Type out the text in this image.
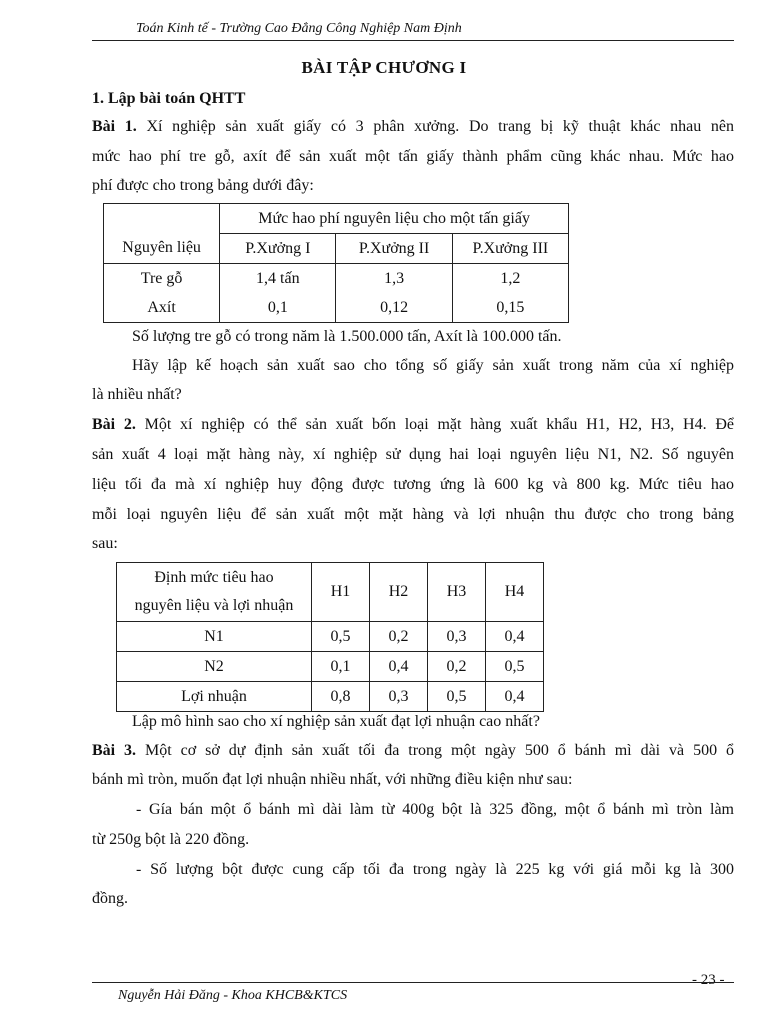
Toán Kinh tế - Trường Cao Đẳng Công Nghiệp Nam Định
BÀI TẬP CHƯƠNG I
1. Lập bài toán QHTT
Bài 1. Xí nghiệp sản xuất giấy có 3 phân xưởng. Do trang bị kỹ thuật khác nhau nên
mức hao phí tre gỗ, axít để sản xuất một tấn giấy thành phẩm cũng khác nhau. Mức hao
phí được cho trong bảng dưới đây:
	Mức hao phí nguyên liệu cho một tấn giấy		
Nguyên liệu	P.Xưởng I	P.Xưởng II	P.Xưởng III
Tre gỗ	1,4 tấn	1,3	1,2
Axít	0,1	0,12	0,15
Số lượng tre gỗ có trong năm là 1.500.000 tấn, Axít là 100.000 tấn.
Hãy lập kế hoạch sản xuất sao cho tổng số giấy sản xuất trong năm của xí nghiệp
là nhiều nhất?
Bài 2. Một xí nghiệp có thể sản xuất bốn loại mặt hàng xuất khẩu H1, H2, H3, H4. Để
sản xuất 4 loại mặt hàng này, xí nghiệp sử dụng hai loại nguyên liệu N1, N2. Số nguyên
liệu tối đa mà xí nghiệp huy động được tương ứng là 600 kg và 800 kg. Mức tiêu hao
mỗi loại nguyên liệu để sản xuất một mặt hàng và lợi nhuận thu được cho trong bảng
sau:
Định mức tiêu hao
nguyên liệu và lợi nhuận	H1	H2	H3	H4
N1	0,5	0,2	0,3	0,4
N2	0,1	0,4	0,2	0,5
Lợi nhuận	0,8	0,3	0,5	0,4
Lập mô hình sao cho xí nghiệp sản xuất đạt lợi nhuận cao nhất?
Bài 3. Một cơ sở dự định sản xuất tối đa trong một ngày 500 ổ bánh mì dài và 500 ổ
bánh mì tròn, muốn đạt lợi nhuận nhiều nhất, với những điều kiện như sau:
- Gía bán một ổ bánh mì dài làm từ 400g bột là 325 đồng, một ổ bánh mì tròn làm
từ 250g bột là 220 đồng.
- Số lượng bột được cung cấp tối đa trong ngày là 225 kg với giá mỗi kg là 300
đồng.
- 23 -
Nguyễn Hải Đăng - Khoa KHCB&KTCS
